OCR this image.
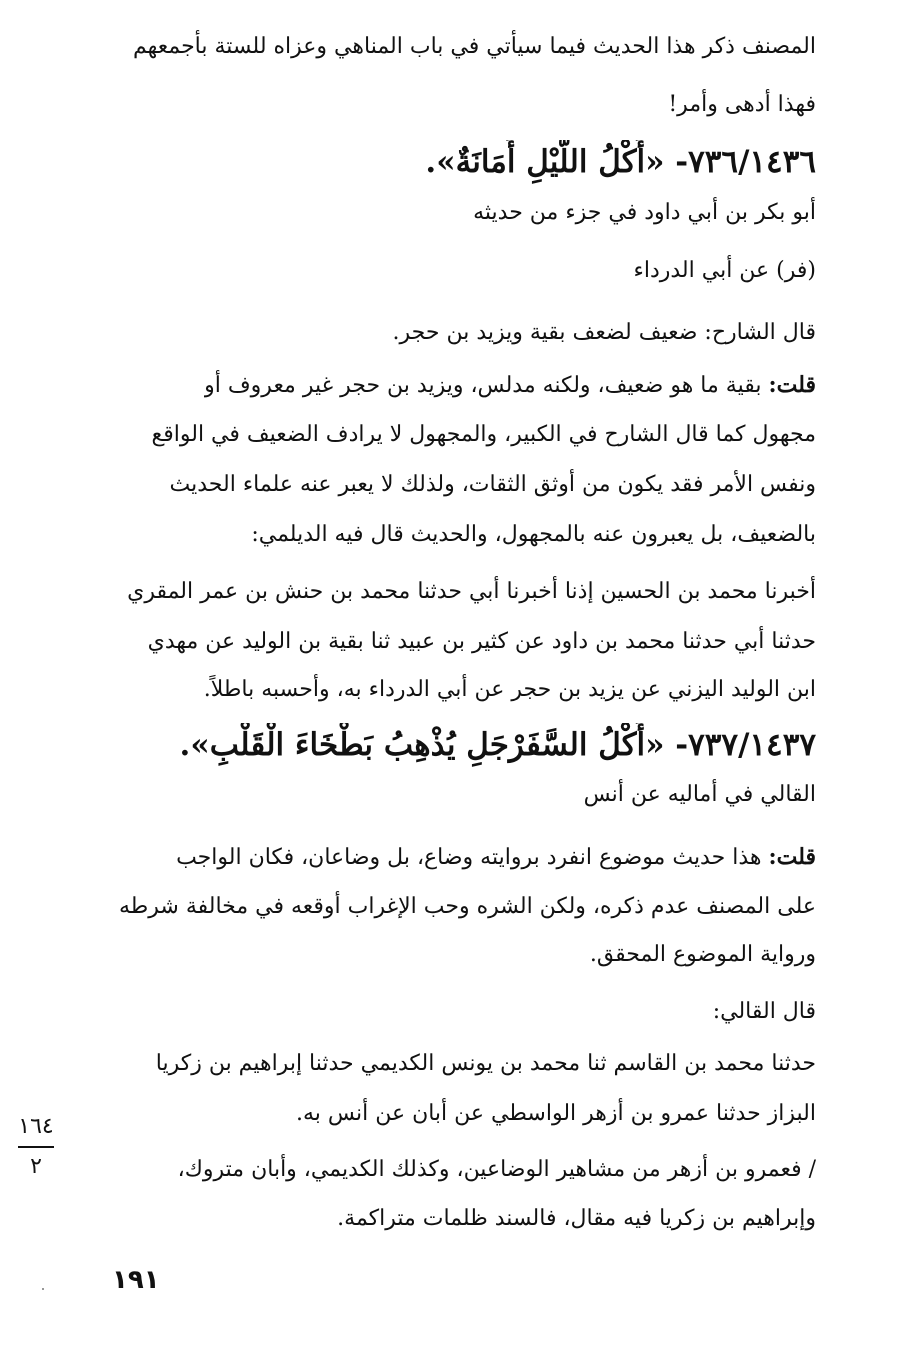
المصنف ذكر هذا الحديث فيما سيأتي في باب المناهي وعزاه للستة بأجمعهم
فهذا أدهى وأمر!
٧٣٦/١٤٣٦- «أَكْلُ اللَّيْلِ أَمَانَةٌ».
أبو بكر بن أبي داود في جزء من حديثه
(فر) عن أبي الدرداء
قال الشارح: ضعيف لضعف بقية ويزيد بن حجر.
قلت: بقية ما هو ضعيف، ولكنه مدلس، ويزيد بن حجر غير معروف أو
مجهول كما قال الشارح في الكبير، والمجهول لا يرادف الضعيف في الواقع
ونفس الأمر فقد يكون من أوثق الثقات، ولذلك لا يعبر عنه علماء الحديث
بالضعيف، بل يعبرون عنه بالمجهول، والحديث قال فيه الديلمي:
أخبرنا محمد بن الحسين إذنا أخبرنا أبي حدثنا محمد بن حنش بن عمر المقري
حدثنا أبي حدثنا محمد بن داود عن كثير بن عبيد ثنا بقية بن الوليد عن مهدي
ابن الوليد اليزني عن يزيد بن حجر عن أبي الدرداء به، وأحسبه باطلاً.
٧٣٧/١٤٣٧- «أَكْلُ السَّفَرْجَلِ يُذْهِبُ بَطْخَاءَ الْقَلْبِ».
القالي في أماليه عن أنس
قلت: هذا حديث موضوع انفرد بروايته وضاع، بل وضاعان، فكان الواجب
على المصنف عدم ذكره، ولكن الشره وحب الإغراب أوقعه في مخالفة شرطه
ورواية الموضوع المحقق.
قال القالي:
حدثنا محمد بن القاسم ثنا محمد بن يونس الكديمي حدثنا إبراهيم بن زكريا
البزاز حدثنا عمرو بن أزهر الواسطي عن أبان عن أنس به.
/ فعمرو بن أزهر من مشاهير الوضاعين، وكذلك الكديمي، وأبان متروك،
وإبراهيم بن زكريا فيه مقال، فالسند ظلمات متراكمة.
١٦٤
٢
١٩١
